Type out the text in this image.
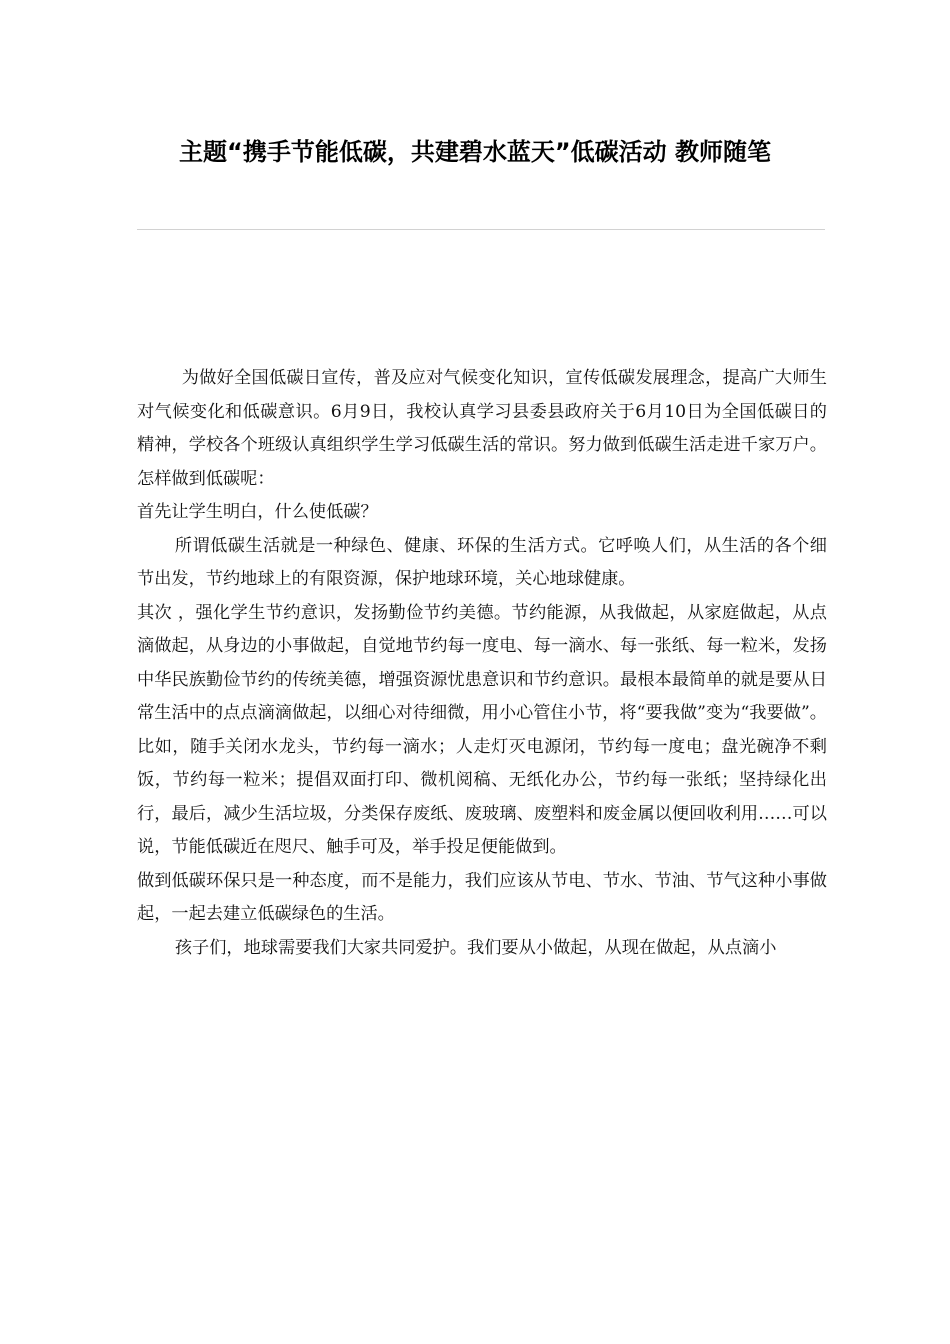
主题“携手节能低碳，共建碧水蓝天”低碳活动 教师随笔

为做好全国低碳日宣传，普及应对气候变化知识，宣传低碳发展理念，提高广大师生对气候变化和低碳意识。6月9日，我校认真学习县委县政府关于6月10日为全国低碳日的精神，学校各个班级认真组织学生学习低碳生活的常识。努力做到低碳生活走进千家万户。怎样做到低碳呢：

首先让学生明白，什么使低碳？

所谓低碳生活就是一种绿色、健康、环保的生活方式。它呼唤人们，从生活的各个细节出发，节约地球上的有限资源，保护地球环境，关心地球健康。

其次 ，强化学生节约意识，发扬勤俭节约美德。节约能源，从我做起，从家庭做起，从点滴做起，从身边的小事做起，自觉地节约每一度电、每一滴水、每一张纸、每一粒米，发扬中华民族勤俭节约的传统美德，增强资源忧患意识和节约意识。最根本最简单的就是要从日常生活中的点点滴滴做起，以细心对待细微，用小心管住小节，将“要我做”变为“我要做”。比如，随手关闭水龙头，节约每一滴水；人走灯灭电源闭，节约每一度电；盘光碗净不剩饭，节约每一粒米；提倡双面打印、微机阅稿、无纸化办公，节约每一张纸；坚持绿化出行，最后，减少生活垃圾，分类保存废纸、废玻璃、废塑料和废金属以便回收利用……可以说，节能低碳近在咫尺、触手可及，举手投足便能做到。

做到低碳环保只是一种态度，而不是能力，我们应该从节电、节水、节油、节气这种小事做起，一起去建立低碳绿色的生活。

孩子们，地球需要我们大家共同爱护。我们要从小做起，从现在做起，从点滴小
